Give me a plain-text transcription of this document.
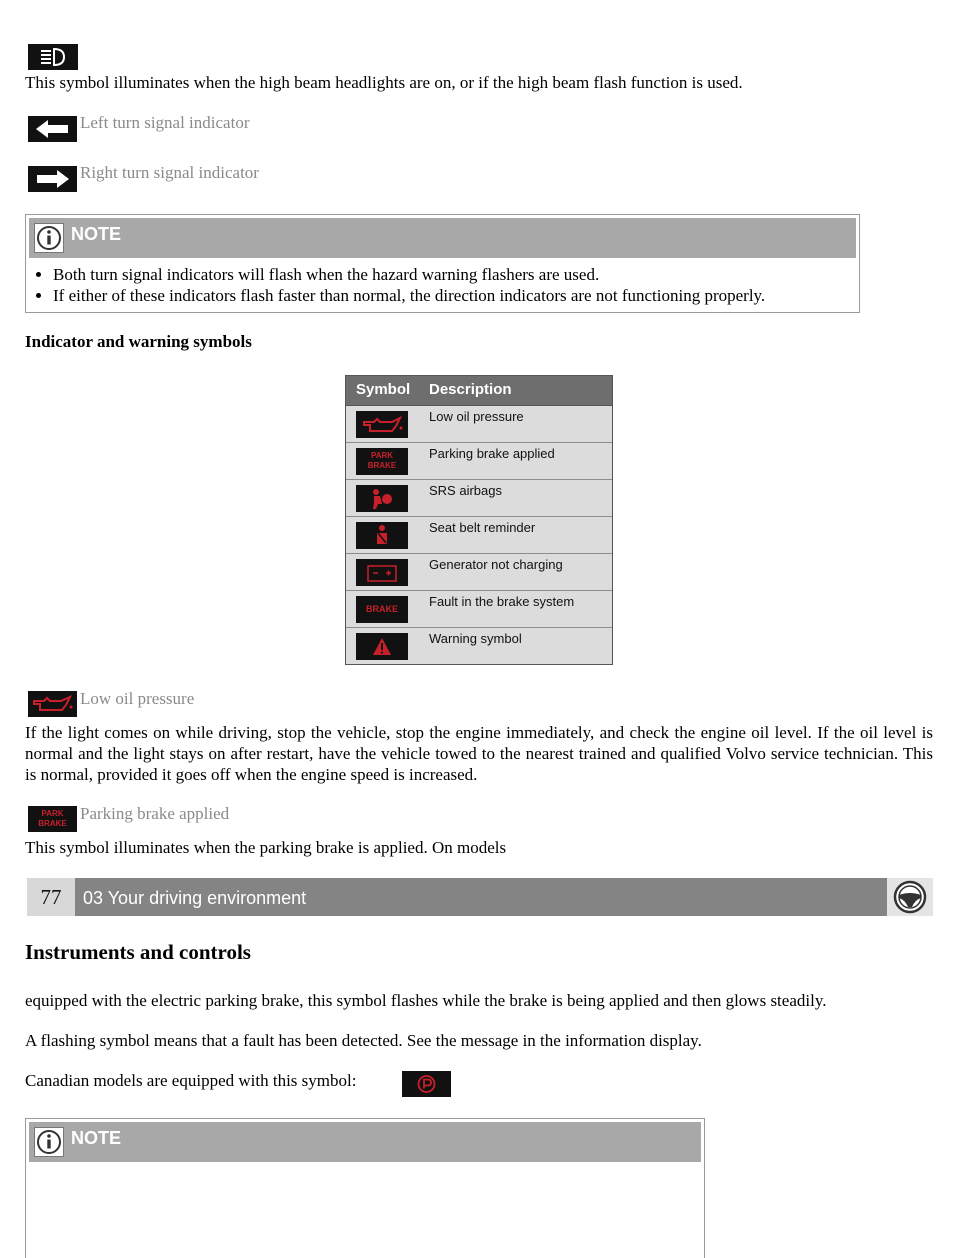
This symbol illuminates when the high beam headlights are on, or if the high beam flash function is used.

Left turn signal indicator
Right turn signal indicator
NOTE
• Both turn signal indicators will flash when the hazard warning flashers are used.
• If either of these indicators flash faster than normal, the direction indicators are not functioning properly.
Indicator and warning symbols
Symbol Description
Low oil pressure
PARK
BRAKE
Parking brake applied
SRS airbags
Seat belt reminder
Generator not charging
BRAKE	Fault in the brake system
Warning symbol
Low oil pressure

If the light comes on while driving, stop the vehicle, stop the engine immediately, and check the engine oil level. If the oil level is normal and the light stays on after restart, have the vehicle towed to the nearest trained and qualified Volvo service technician. This is normal, provided it goes off when the engine speed is increased.

PARK
BRAKE
Parking brake applied

This symbol illuminates when the parking brake is applied. On models

77	03 Your driving environment
Instruments and controls

equipped with the electric parking brake, this symbol flashes while the brake is being applied and then glows steadily.

A flashing symbol means that a fault has been detected. See the message in the information display.

Canadian models are equipped with this symbol:

NOTE
